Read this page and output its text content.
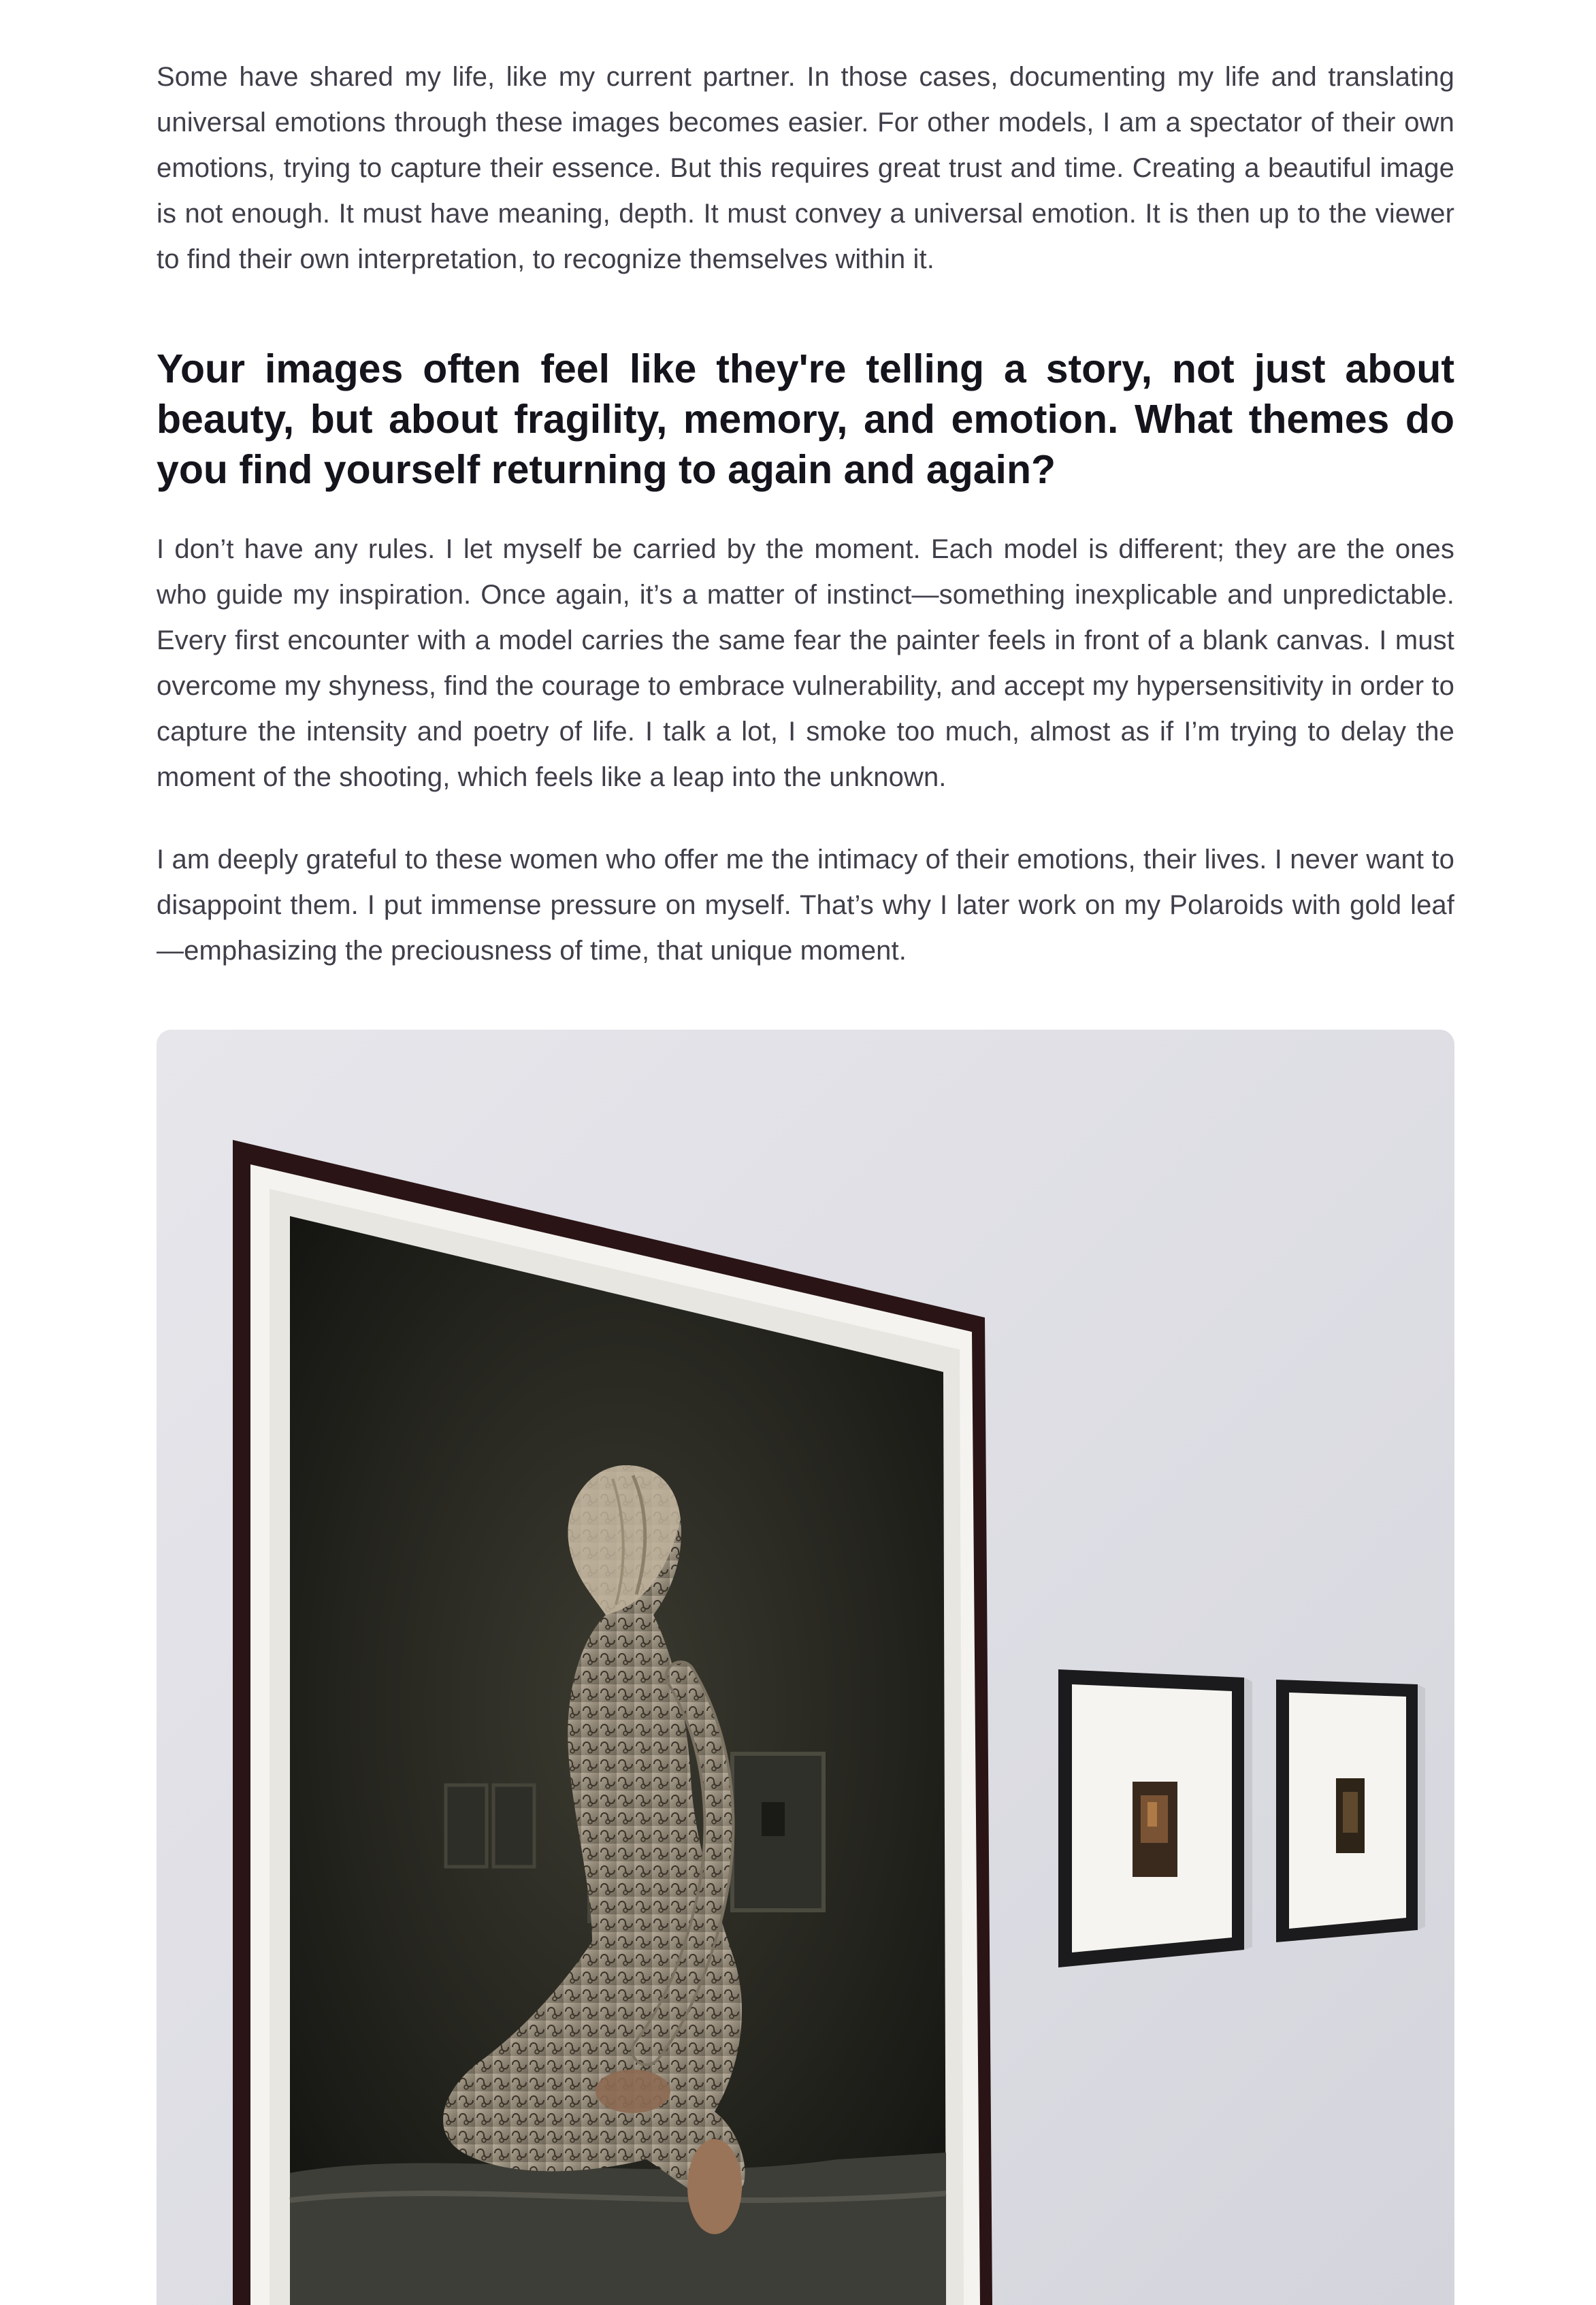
Some have shared my life, like my current partner. In those cases, documenting my life and translating universal emotions through these images becomes easier. For other models, I am a spectator of their own emotions, trying to capture their essence. But this requires great trust and time. Creating a beautiful image is not enough. It must have meaning, depth. It must convey a universal emotion. It is then up to the viewer to find their own interpretation, to recognize themselves within it.

Your images often feel like they're telling a story, not just about beauty, but about fragility, memory, and emotion. What themes do you find yourself returning to again and again?

I don’t have any rules. I let myself be carried by the moment. Each model is different; they are the ones who guide my inspiration. Once again, it’s a matter of instinct—something inexplicable and unpredictable. Every first encounter with a model carries the same fear the painter feels in front of a blank canvas. I must overcome my shyness, find the courage to embrace vulnerability, and accept my hypersensitivity in order to capture the intensity and poetry of life. I talk a lot, I smoke too much, almost as if I’m trying to delay the moment of the shooting, which feels like a leap into the unknown.

I am deeply grateful to these women who offer me the intimacy of their emotions, their lives. I never want to disappoint them. I put immense pressure on myself. That’s why I later work on my Polaroids with gold leaf—emphasizing the preciousness of time, that unique moment.
